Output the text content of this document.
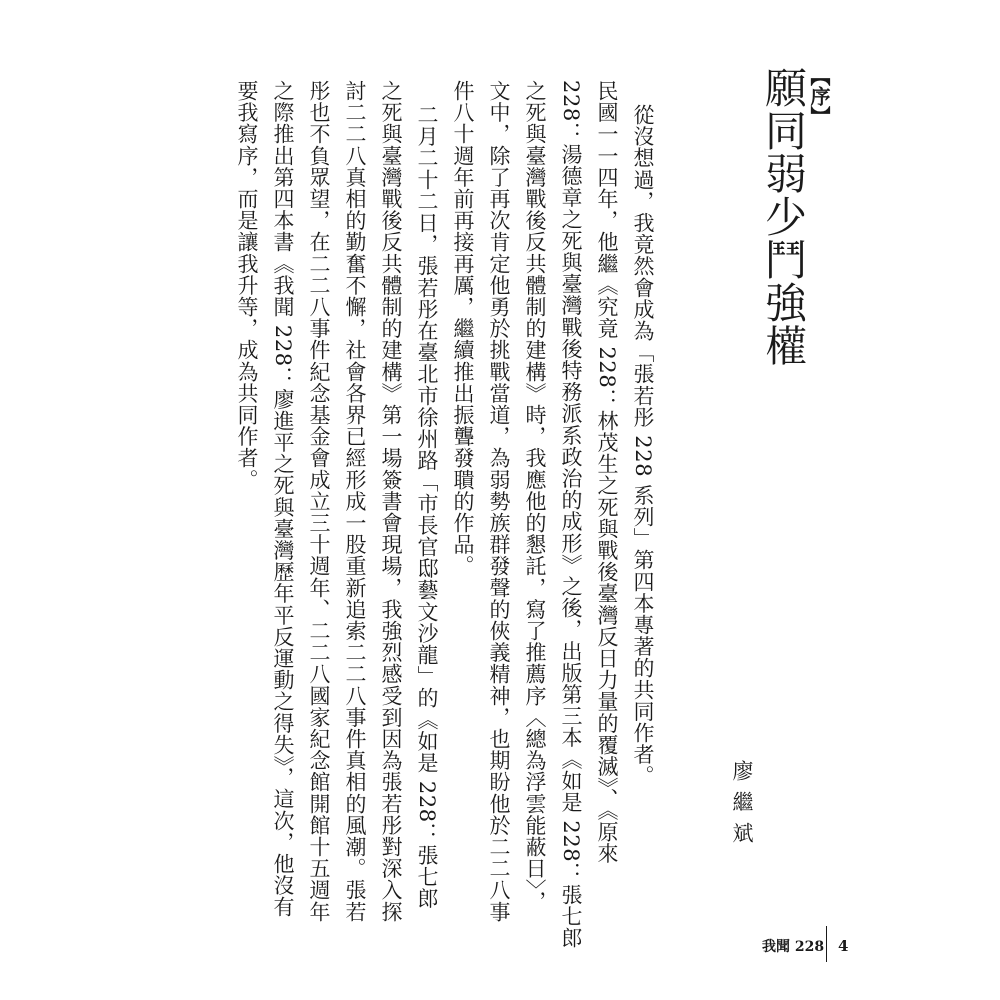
【序】
願同弱少鬥強權
從沒想過，我竟然會成為「張若彤 228 系列」第四本專著的共同作者。
民國一一四年，他繼《究竟 228：林茂生之死與戰後臺灣反日力量的覆滅》、《原來
228：湯德章之死與臺灣戰後特務派系政治的成形》之後，出版第三本《如是 228：張七郎
之死與臺灣戰後反共體制的建構》時，我應他的懇託，寫了推薦序〈總為浮雲能蔽日〉，
文中，除了再次肯定他勇於挑戰當道，為弱勢族群發聲的俠義精神，也期盼他於二二八事
件八十週年前再接再厲，繼續推出振聾發聵的作品。
二月二十二日，張若彤在臺北市徐州路「市長官邸藝文沙龍」的《如是 228：張七郎
之死與臺灣戰後反共體制的建構》第一場簽書會現場，我強烈感受到因為張若彤對深入探
討二二八真相的勤奮不懈，社會各界已經形成一股重新追索二二八事件真相的風潮。張若
彤也不負眾望，在二二八事件紀念基金會成立三十週年、二二八國家紀念館開館十五週年
之際推出第四本書《我聞 228：廖進平之死與臺灣歷年平反運動之得失》，這次，他沒有
要我寫序，而是讓我升等，成為共同作者。
廖繼斌
我聞 228 4
